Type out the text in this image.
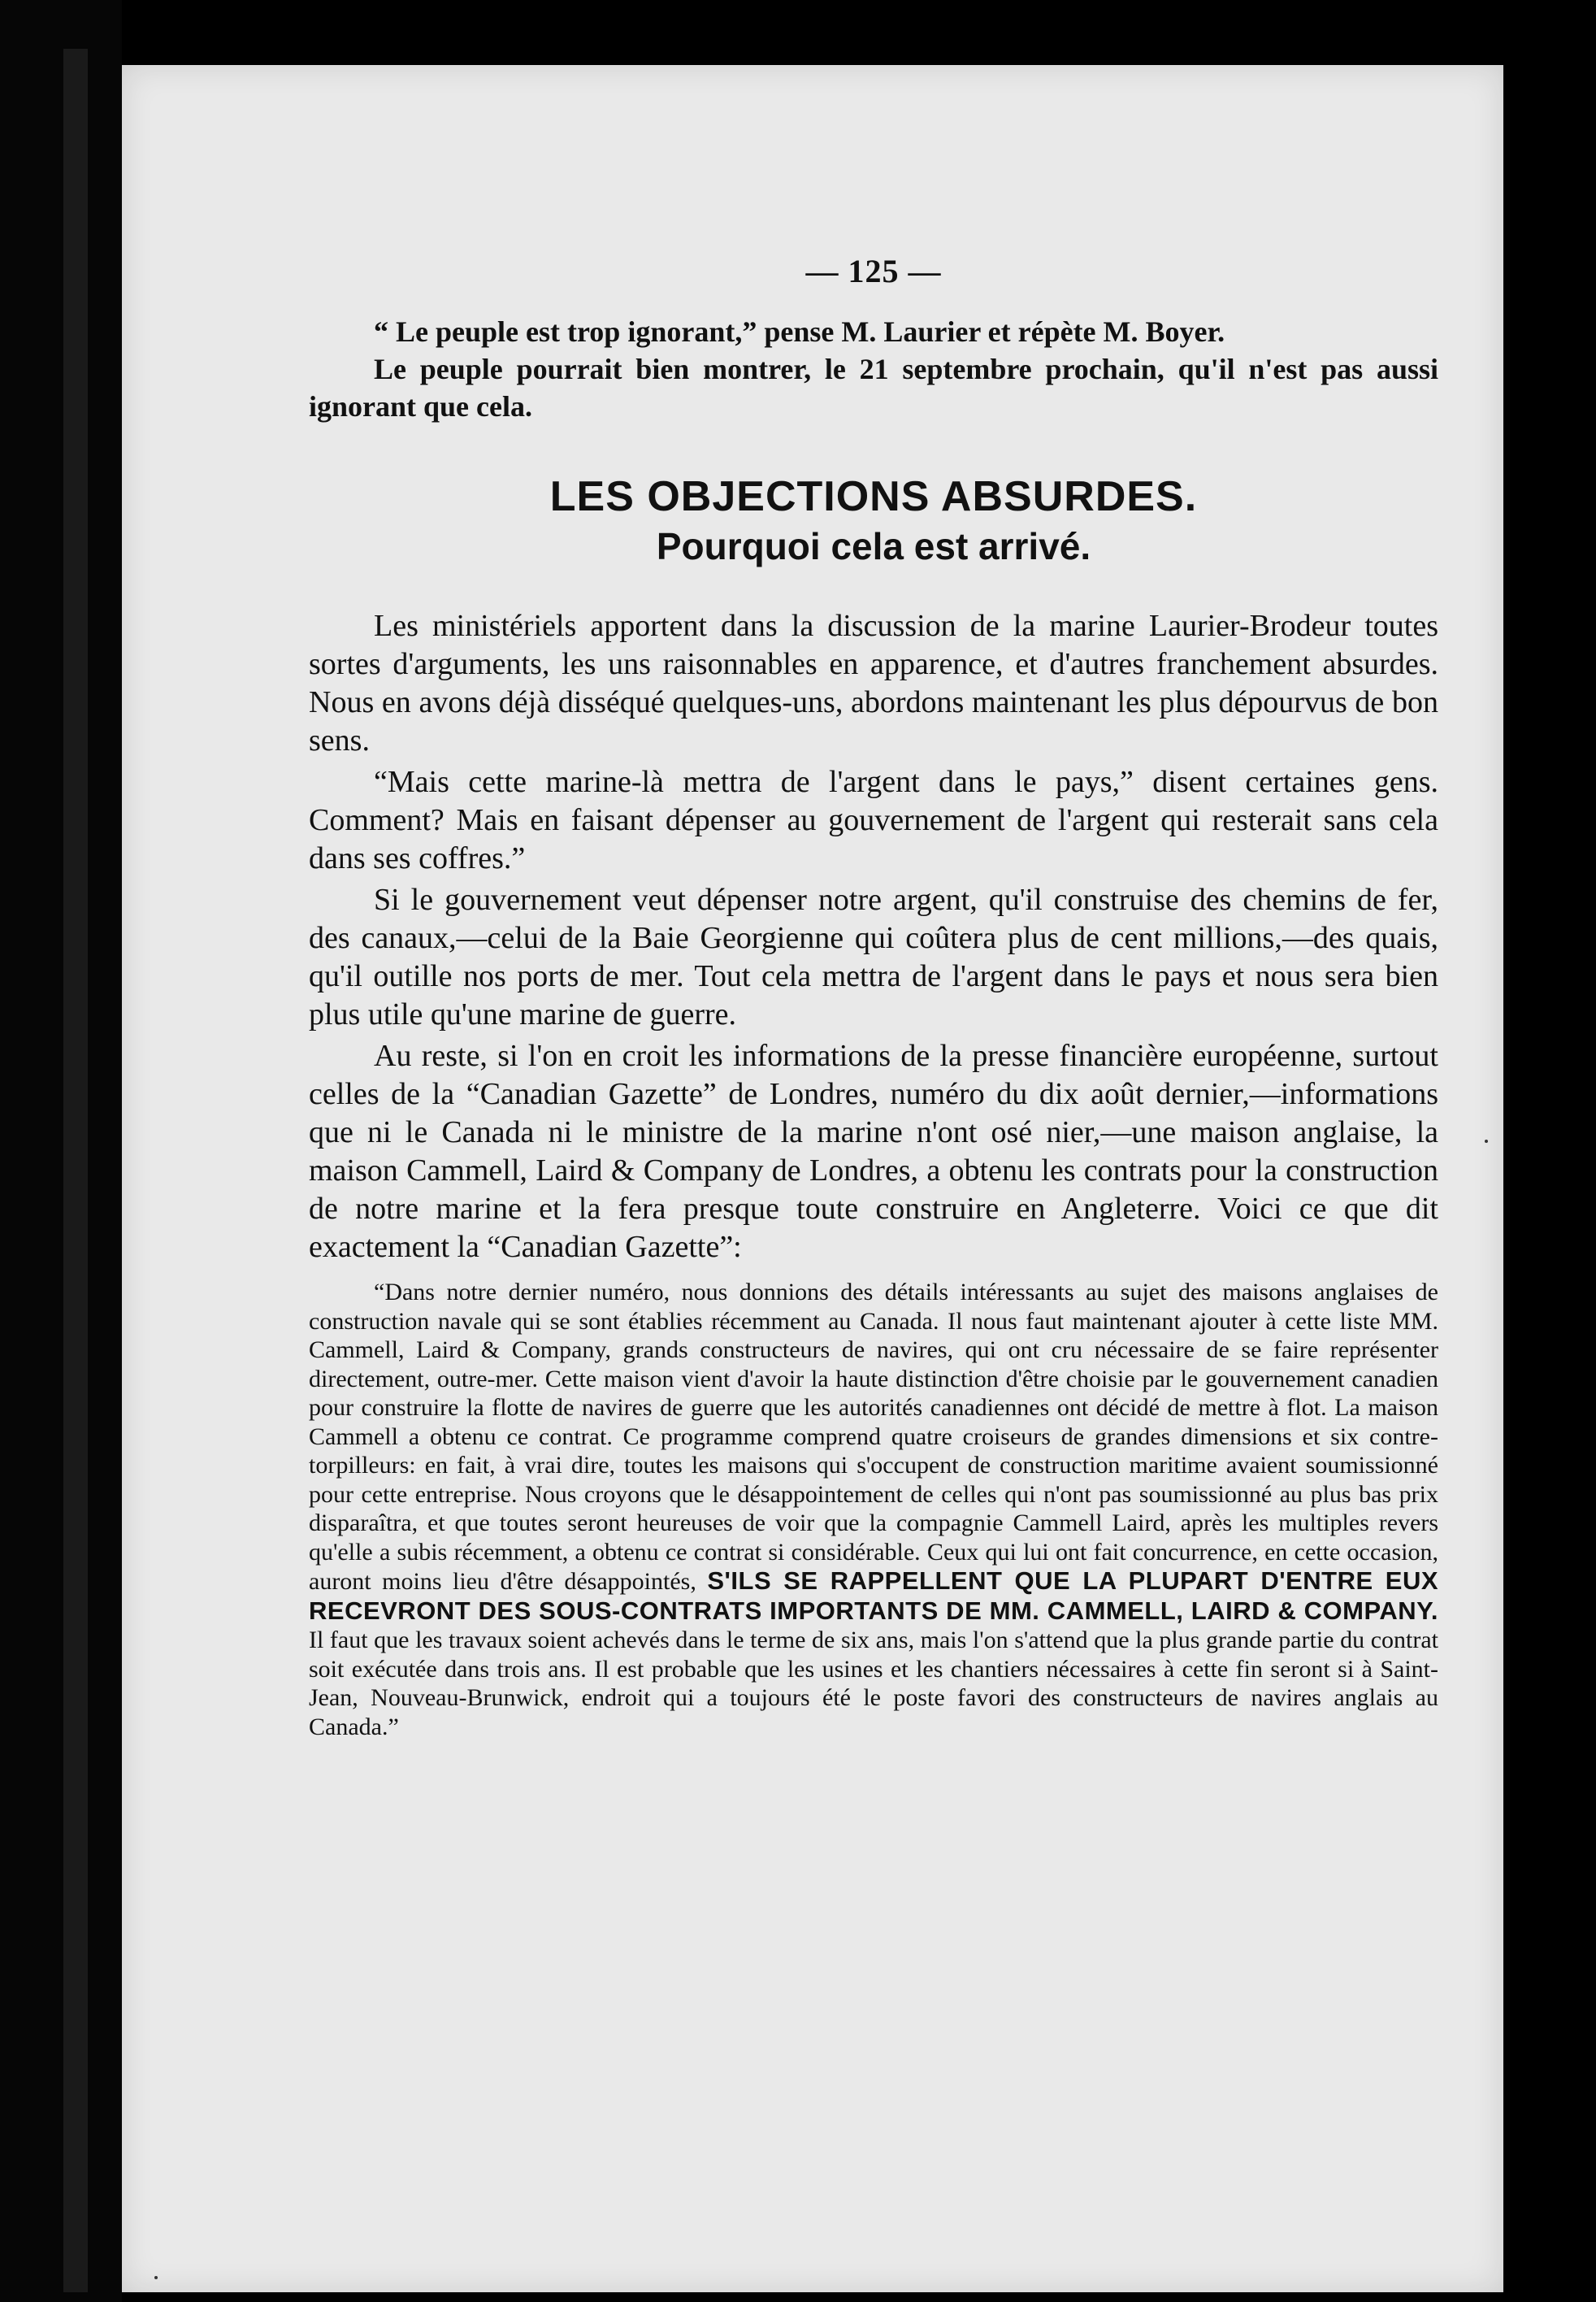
— 125 —

“ Le peuple est trop ignorant,” pense M. Laurier et répète M. Boyer.

Le peuple pourrait bien montrer, le 21 septembre prochain, qu'il n'est pas aussi ignorant que cela.

LES OBJECTIONS ABSURDES.
Pourquoi cela est arrivé.

Les ministériels apportent dans la discussion de la marine Laurier-Brodeur toutes sortes d'arguments, les uns raisonnables en apparence, et d'autres franchement absurdes. Nous en avons déjà disséqué quelques-uns, abordons maintenant les plus dépourvus de bon sens.

“Mais cette marine-là mettra de l'argent dans le pays,” disent certaines gens. Comment? Mais en faisant dépenser au gouvernement de l'argent qui resterait sans cela dans ses coffres.”

Si le gouvernement veut dépenser notre argent, qu'il construise des chemins de fer, des canaux,—celui de la Baie Georgienne qui coûtera plus de cent millions,—des quais, qu'il outille nos ports de mer. Tout cela mettra de l'argent dans le pays et nous sera bien plus utile qu'une marine de guerre.

Au reste, si l'on en croit les informations de la presse financière européenne, surtout celles de la “Canadian Gazette” de Londres, numéro du dix août dernier,—informations que ni le Canada ni le ministre de la marine n'ont osé nier,—une maison anglaise, la maison Cammell, Laird & Company de Londres, a obtenu les contrats pour la construction de notre marine et la fera presque toute construire en Angleterre. Voici ce que dit exactement la “Canadian Gazette”:

“Dans notre dernier numéro, nous donnions des détails intéressants au sujet des maisons anglaises de construction navale qui se sont établies récemment au Canada. Il nous faut maintenant ajouter à cette liste MM. Cammell, Laird & Company, grands constructeurs de navires, qui ont cru nécessaire de se faire représenter directement, outre-mer. Cette maison vient d'avoir la haute distinction d'être choisie par le gouvernement canadien pour construire la flotte de navires de guerre que les autorités canadiennes ont décidé de mettre à flot. La maison Cammell a obtenu ce contrat. Ce programme comprend quatre croiseurs de grandes dimensions et six contre-torpilleurs: en fait, à vrai dire, toutes les maisons qui s'occupent de construction maritime avaient soumissionné pour cette entreprise. Nous croyons que le désappointement de celles qui n'ont pas soumissionné au plus bas prix disparaîtra, et que toutes seront heureuses de voir que la compagnie Cammell Laird, après les multiples revers qu'elle a subis récemment, a obtenu ce contrat si considérable. Ceux qui lui ont fait concurrence, en cette occasion, auront moins lieu d'être désappointés, S'ILS SE RAPPELLENT QUE LA PLUPART D'ENTRE EUX RECEVRONT DES SOUS-CONTRATS IMPORTANTS DE MM. CAMMELL, LAIRD & COMPANY. Il faut que les travaux soient achevés dans le terme de six ans, mais l'on s'attend que la plus grande partie du contrat soit exécutée dans trois ans. Il est probable que les usines et les chantiers nécessaires à cette fin seront si à Saint-Jean, Nouveau-Brunwick, endroit qui a toujours été le poste favori des constructeurs de navires anglais au Canada.”
